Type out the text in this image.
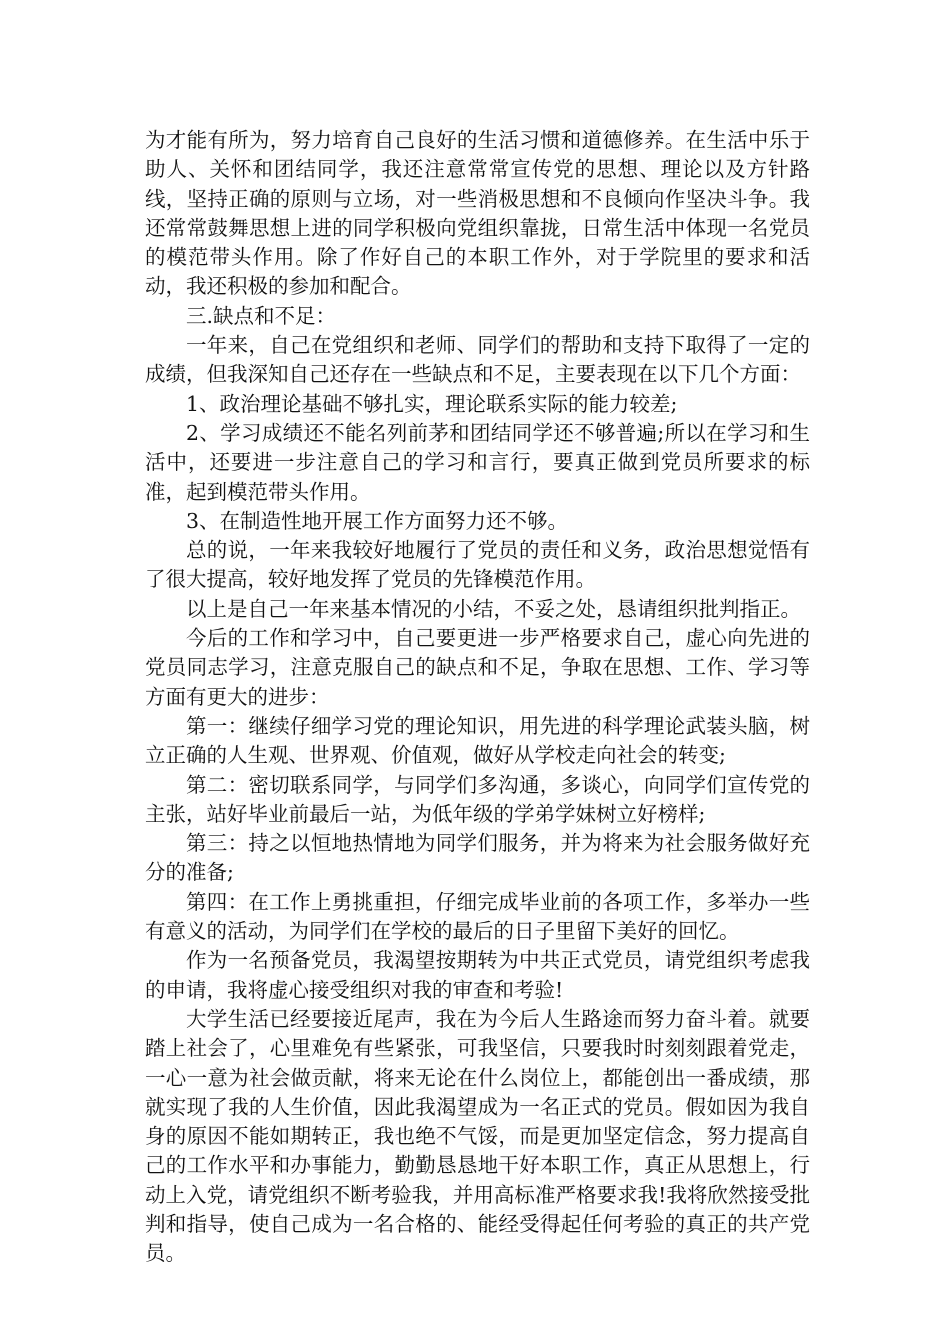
为才能有所为，努力培育自己良好的生活习惯和道德修养。在生活中乐于助人、关怀和团结同学，我还注意常常宣传党的思想、理论以及方针路线，坚持正确的原则与立场，对一些消极思想和不良倾向作坚决斗争。我还常常鼓舞思想上进的同学积极向党组织靠拢，日常生活中体现一名党员的模范带头作用。除了作好自己的本职工作外，对于学院里的要求和活动，我还积极的参加和配合。

三.缺点和不足：

一年来，自己在党组织和老师、同学们的帮助和支持下取得了一定的成绩，但我深知自己还存在一些缺点和不足，主要表现在以下几个方面：

1、政治理论基础不够扎实，理论联系实际的能力较差;

2、学习成绩还不能名列前茅和团结同学还不够普遍;所以在学习和生活中，还要进一步注意自己的学习和言行，要真正做到党员所要求的标准，起到模范带头作用。

3、在制造性地开展工作方面努力还不够。

总的说，一年来我较好地履行了党员的责任和义务，政治思想觉悟有了很大提高，较好地发挥了党员的先锋模范作用。

以上是自己一年来基本情况的小结，不妥之处，恳请组织批判指正。

今后的工作和学习中，自己要更进一步严格要求自己，虚心向先进的党员同志学习，注意克服自己的缺点和不足，争取在思想、工作、学习等方面有更大的进步：

第一：继续仔细学习党的理论知识，用先进的科学理论武装头脑，树立正确的人生观、世界观、价值观，做好从学校走向社会的转变;

第二：密切联系同学，与同学们多沟通，多谈心，向同学们宣传党的主张，站好毕业前最后一站，为低年级的学弟学妹树立好榜样;

第三：持之以恒地热情地为同学们服务，并为将来为社会服务做好充分的准备;

第四：在工作上勇挑重担，仔细完成毕业前的各项工作，多举办一些有意义的活动，为同学们在学校的最后的日子里留下美好的回忆。

作为一名预备党员，我渴望按期转为中共正式党员，请党组织考虑我的申请，我将虚心接受组织对我的审查和考验!

大学生活已经要接近尾声，我在为今后人生路途而努力奋斗着。就要踏上社会了，心里难免有些紧张，可我坚信，只要我时时刻刻跟着党走，一心一意为社会做贡献，将来无论在什么岗位上，都能创出一番成绩，那就实现了我的人生价值，因此我渴望成为一名正式的党员。假如因为我自身的原因不能如期转正，我也绝不气馁，而是更加坚定信念，努力提高自己的工作水平和办事能力，勤勤恳恳地干好本职工作，真正从思想上，行动上入党，请党组织不断考验我，并用高标准严格要求我!我将欣然接受批判和指导，使自己成为一名合格的、能经受得起任何考验的真正的共产党员。
